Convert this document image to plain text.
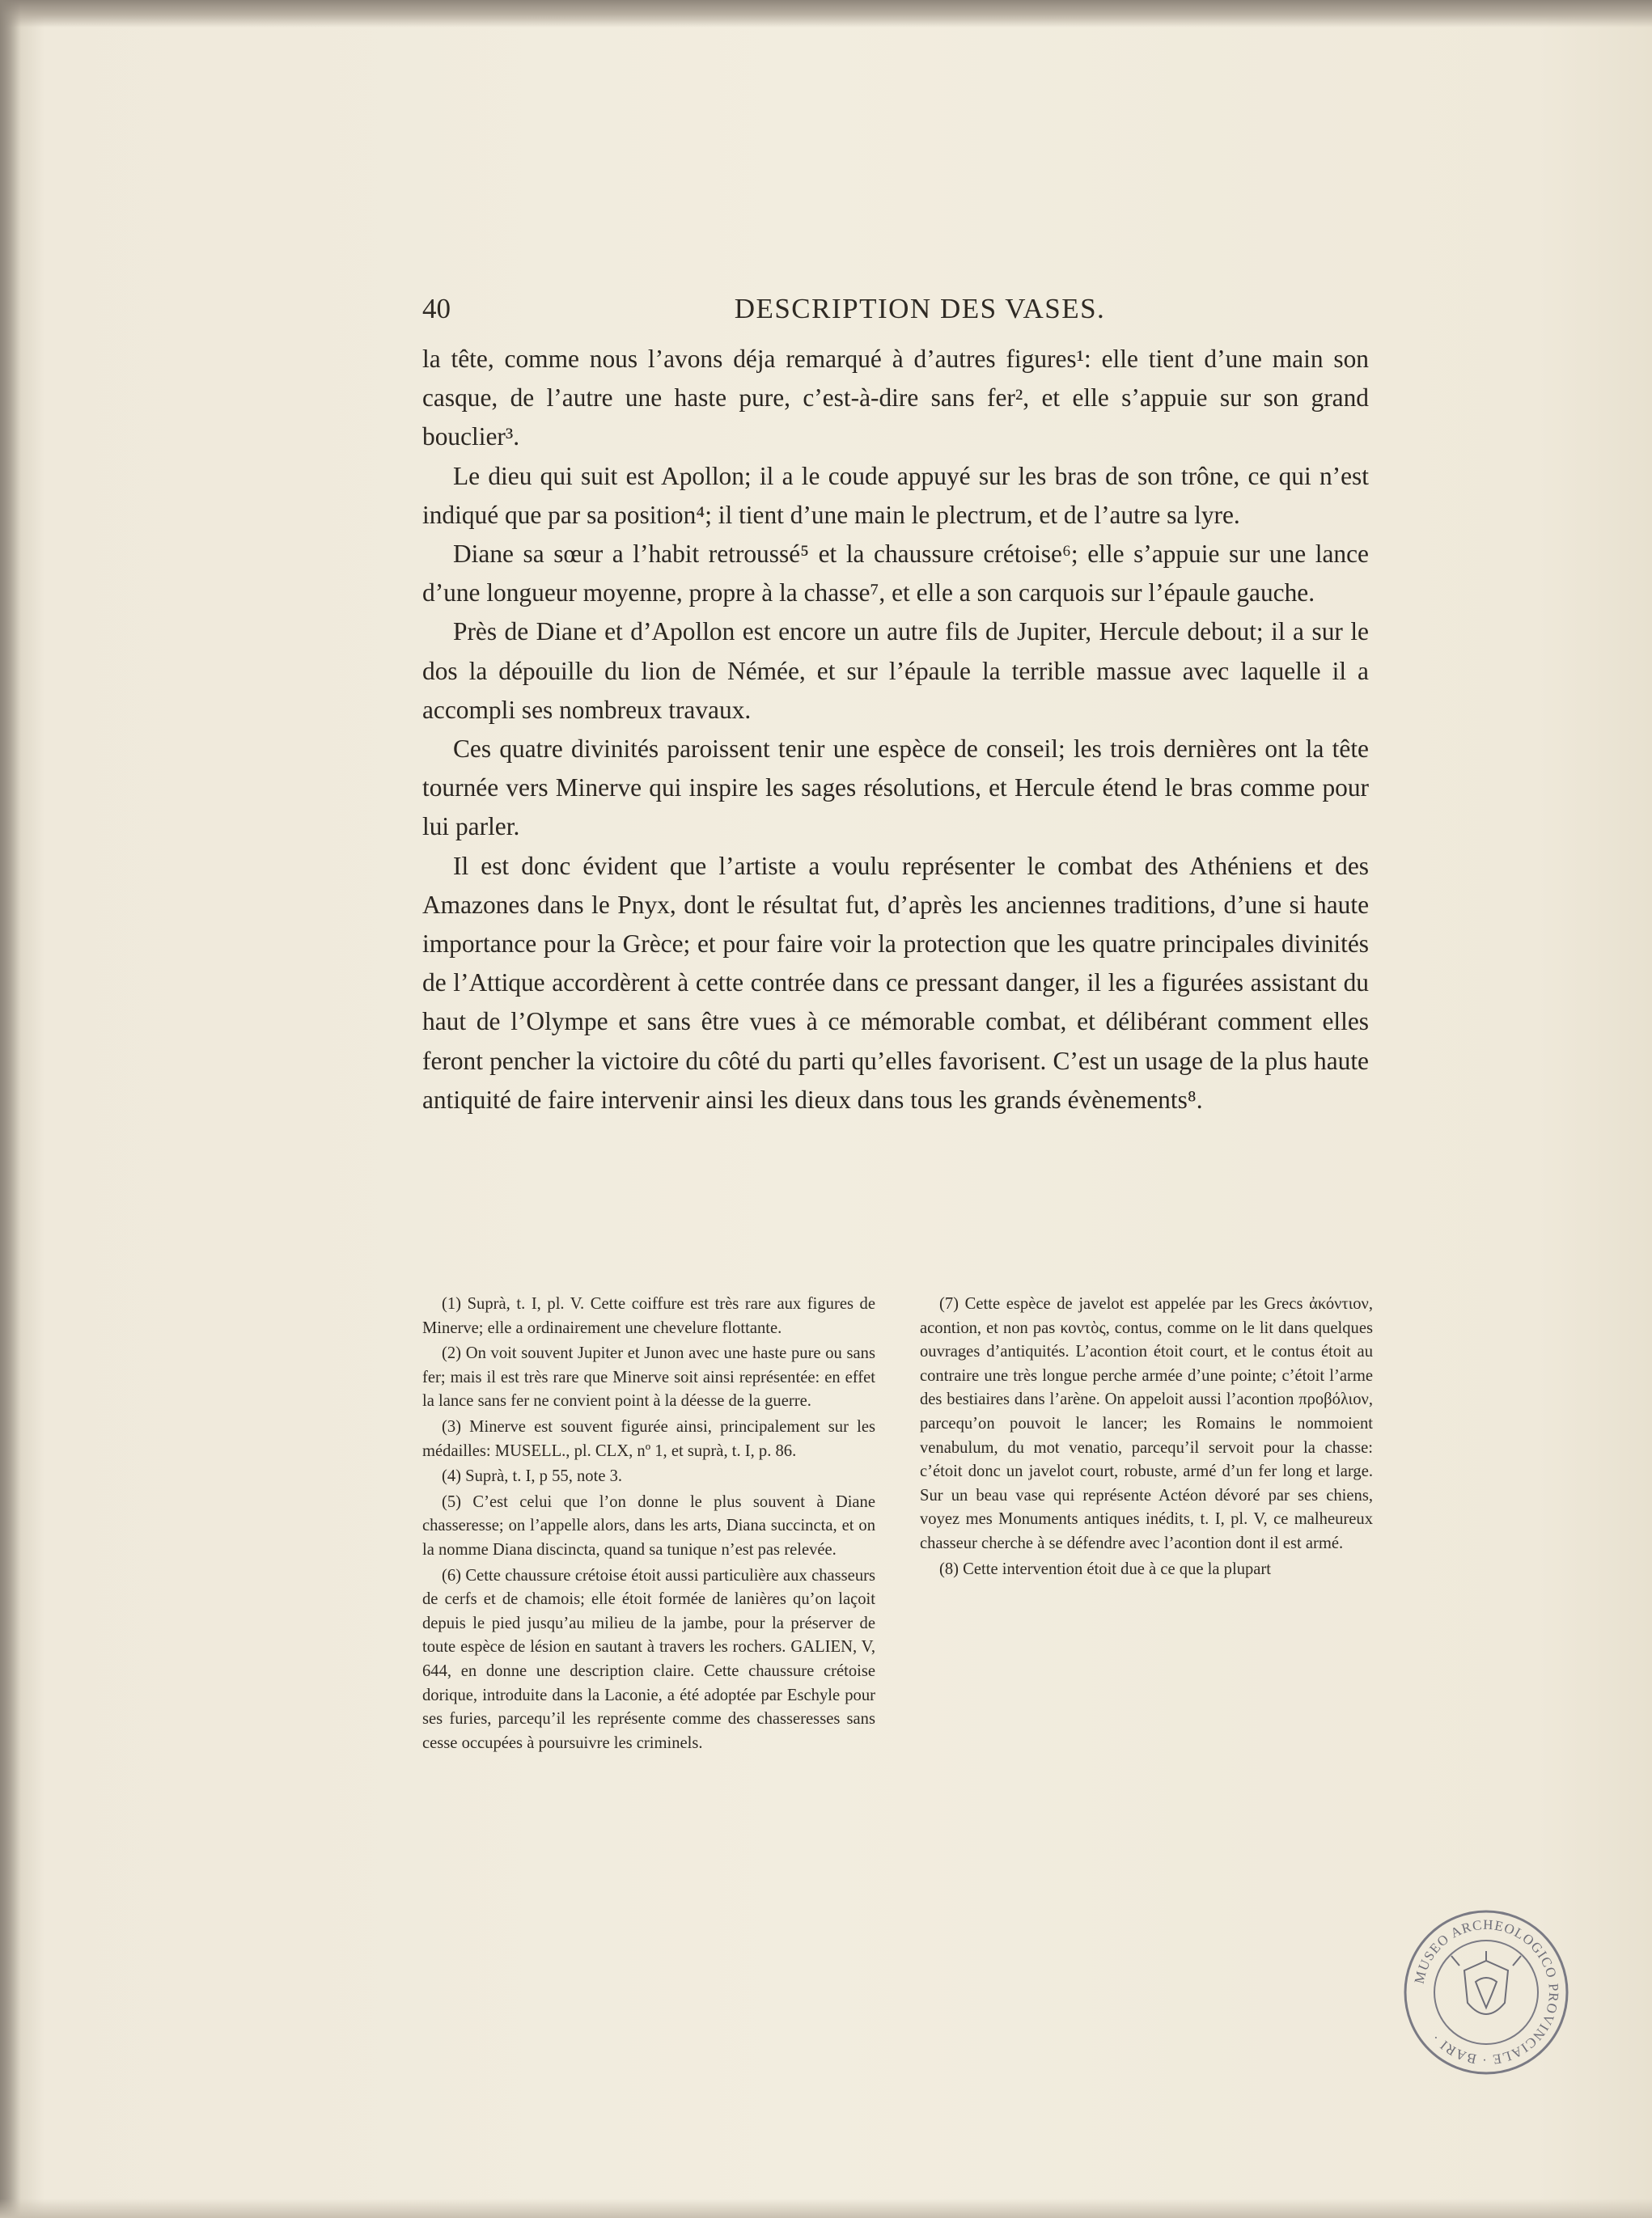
40	DESCRIPTION DES VASES.

la tête, comme nous l’avons déja remarqué à d’autres figures¹: elle tient d’une main son casque, de l’autre une haste pure, c’est-à-dire sans fer², et elle s’appuie sur son grand bouclier³.

Le dieu qui suit est Apollon; il a le coude appuyé sur les bras de son trône, ce qui n’est indiqué que par sa position⁴; il tient d’une main le plectrum, et de l’autre sa lyre.

Diane sa sœur a l’habit retroussé⁵ et la chaussure crétoise⁶; elle s’appuie sur une lance d’une longueur moyenne, propre à la chasse⁷, et elle a son carquois sur l’épaule gauche.

Près de Diane et d’Apollon est encore un autre fils de Jupiter, Hercule debout; il a sur le dos la dépouille du lion de Némée, et sur l’épaule la terrible massue avec laquelle il a accompli ses nombreux travaux.

Ces quatre divinités paroissent tenir une espèce de conseil; les trois dernières ont la tête tournée vers Minerve qui inspire les sages résolutions, et Hercule étend le bras comme pour lui parler.

Il est donc évident que l’artiste a voulu représenter le combat des Athéniens et des Amazones dans le Pnyx, dont le résultat fut, d’après les anciennes traditions, d’une si haute importance pour la Grèce; et pour faire voir la protection que les quatre principales divinités de l’Attique accordèrent à cette contrée dans ce pressant danger, il les a figurées assistant du haut de l’Olympe et sans être vues à ce mémorable combat, et délibérant comment elles feront pencher la victoire du côté du parti qu’elles favorisent. C’est un usage de la plus haute antiquité de faire intervenir ainsi les dieux dans tous les grands évènements⁸.

(1) Suprà, t. I, pl. V. Cette coiffure est très rare aux figures de Minerve; elle a ordinairement une chevelure flottante.

(2) On voit souvent Jupiter et Junon avec une haste pure ou sans fer; mais il est très rare que Minerve soit ainsi représentée: en effet la lance sans fer ne convient point à la déesse de la guerre.

(3) Minerve est souvent figurée ainsi, principalement sur les médailles: MUSELL., pl. CLX, nº 1, et suprà, t. I, p. 86.

(4) Suprà, t. I, p 55, note 3.

(5) C’est celui que l’on donne le plus souvent à Diane chasseresse; on l’appelle alors, dans les arts, Diana succincta, et on la nomme Diana discincta, quand sa tunique n’est pas relevée.

(6) Cette chaussure crétoise étoit aussi particulière aux chasseurs de cerfs et de chamois; elle étoit formée de lanières qu’on laçoit depuis le pied jusqu’au milieu de la jambe, pour la préserver de toute espèce de lésion en sautant à travers les rochers. GALIEN, V, 644, en donne une description claire. Cette chaussure crétoise dorique, introduite dans la Laconie, a été adoptée par Eschyle pour ses furies, parcequ’il les représente comme des chasseresses sans cesse occupées à poursuivre les criminels.

(7) Cette espèce de javelot est appelée par les Grecs ἀκόντιον, acontion, et non pas κοντὸς, contus, comme on le lit dans quelques ouvrages d’antiquités. L’acontion étoit court, et le contus étoit au contraire une très longue perche armée d’une pointe; c’étoit l’arme des bestiaires dans l’arène. On appeloit aussi l’acontion προβόλιον, parcequ’on pouvoit le lancer; les Romains le nommoient venabulum, du mot venatio, parcequ’il servoit pour la chasse: c’étoit donc un javelot court, robuste, armé d’un fer long et large. Sur un beau vase qui représente Actéon dévoré par ses chiens, voyez mes Monuments antiques inédits, t. I, pl. V, ce malheureux chasseur cherche à se défendre avec l’acontion dont il est armé.

(8) Cette intervention étoit due à ce que la plupart

MUSEO ARCHEOLOGICO PROVINCIALE · BARI ·
